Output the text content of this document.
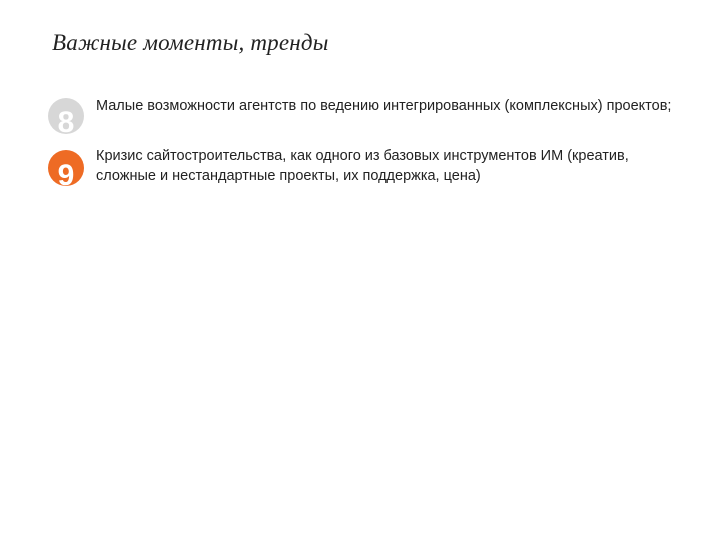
Важные моменты, тренды
8	Малые возможности агентств по ведению интегрированных (комплексных) проектов;

9

Кризис сайтостроительства, как одного из базовых инструментов ИМ (креатив, сложные и нестандартные проекты, их поддержка, цена)
